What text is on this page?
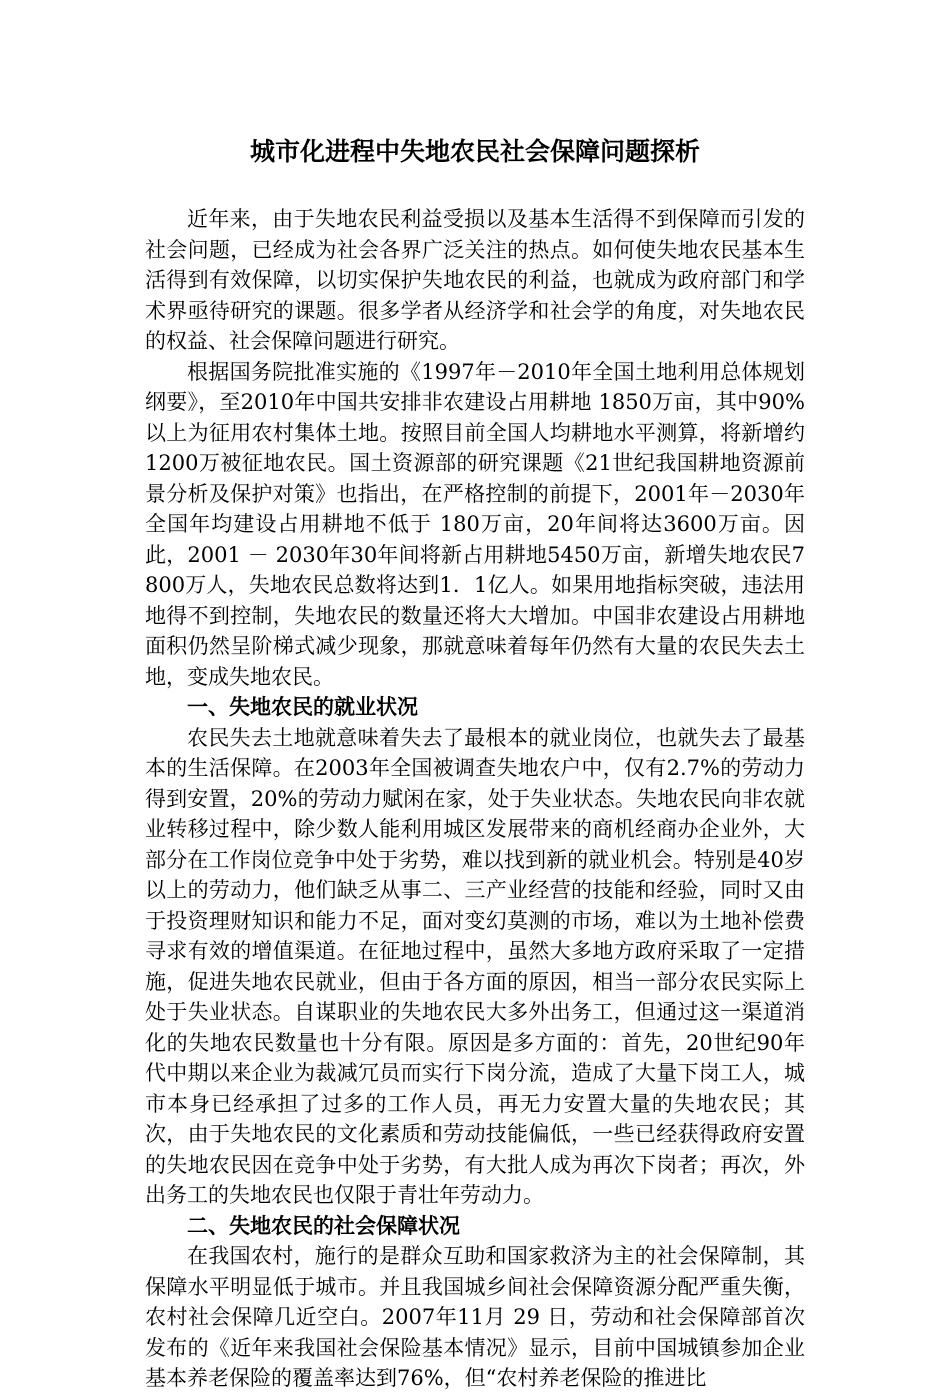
城市化进程中失地农民社会保障问题探析

近年来，由于失地农民利益受损以及基本生活得不到保障而引发的社会问题，已经成为社会各界广泛关注的热点。如何使失地农民基本生活得到有效保障，以切实保护失地农民的利益，也就成为政府部门和学术界亟待研究的课题。很多学者从经济学和社会学的角度，对失地农民的权益、社会保障问题进行研究。

根据国务院批准实施的《1997年－2010年全国土地利用总体规划纲要》，至2010年中国共安排非农建设占用耕地 1850万亩，其中90%以上为征用农村集体土地。按照目前全国人均耕地水平测算，将新增约1200万被征地农民。国土资源部的研究课题《21世纪我国耕地资源前景分析及保护对策》也指出，在严格控制的前提下，2001年－2030年全国年均建设占用耕地不低于 180万亩，20年间将达3600万亩。因此，2001 － 2030年30年间将新占用耕地5450万亩，新增失地农民7800万人，失地农民总数将达到1．1亿人。如果用地指标突破，违法用地得不到控制，失地农民的数量还将大大增加。中国非农建设占用耕地面积仍然呈阶梯式减少现象，那就意味着每年仍然有大量的农民失去土地，变成失地农民。

一、失地农民的就业状况

农民失去土地就意味着失去了最根本的就业岗位，也就失去了最基本的生活保障。在2003年全国被调查失地农户中，仅有2.7%的劳动力得到安置，20%的劳动力赋闲在家，处于失业状态。失地农民向非农就业转移过程中，除少数人能利用城区发展带来的商机经商办企业外，大部分在工作岗位竞争中处于劣势，难以找到新的就业机会。特别是40岁以上的劳动力，他们缺乏从事二、三产业经营的技能和经验，同时又由于投资理财知识和能力不足，面对变幻莫测的市场，难以为土地补偿费寻求有效的增值渠道。在征地过程中，虽然大多地方政府采取了一定措施，促进失地农民就业，但由于各方面的原因，相当一部分农民实际上处于失业状态。自谋职业的失地农民大多外出务工，但通过这一渠道消化的失地农民数量也十分有限。原因是多方面的：首先，20世纪90年代中期以来企业为裁减冗员而实行下岗分流，造成了大量下岗工人，城市本身已经承担了过多的工作人员，再无力安置大量的失地农民；其次，由于失地农民的文化素质和劳动技能偏低，一些已经获得政府安置的失地农民因在竞争中处于劣势，有大批人成为再次下岗者；再次，外出务工的失地农民也仅限于青壮年劳动力。

二、失地农民的社会保障状况

在我国农村，施行的是群众互助和国家救济为主的社会保障制，其保障水平明显低于城市。并且我国城乡间社会保障资源分配严重失衡，农村社会保障几近空白。2007年11月 29 日，劳动和社会保障部首次发布的《近年来我国社会保险基本情况》显示，目前中国城镇参加企业基本养老保险的覆盖率达到76%，但“农村养老保险的推进比
